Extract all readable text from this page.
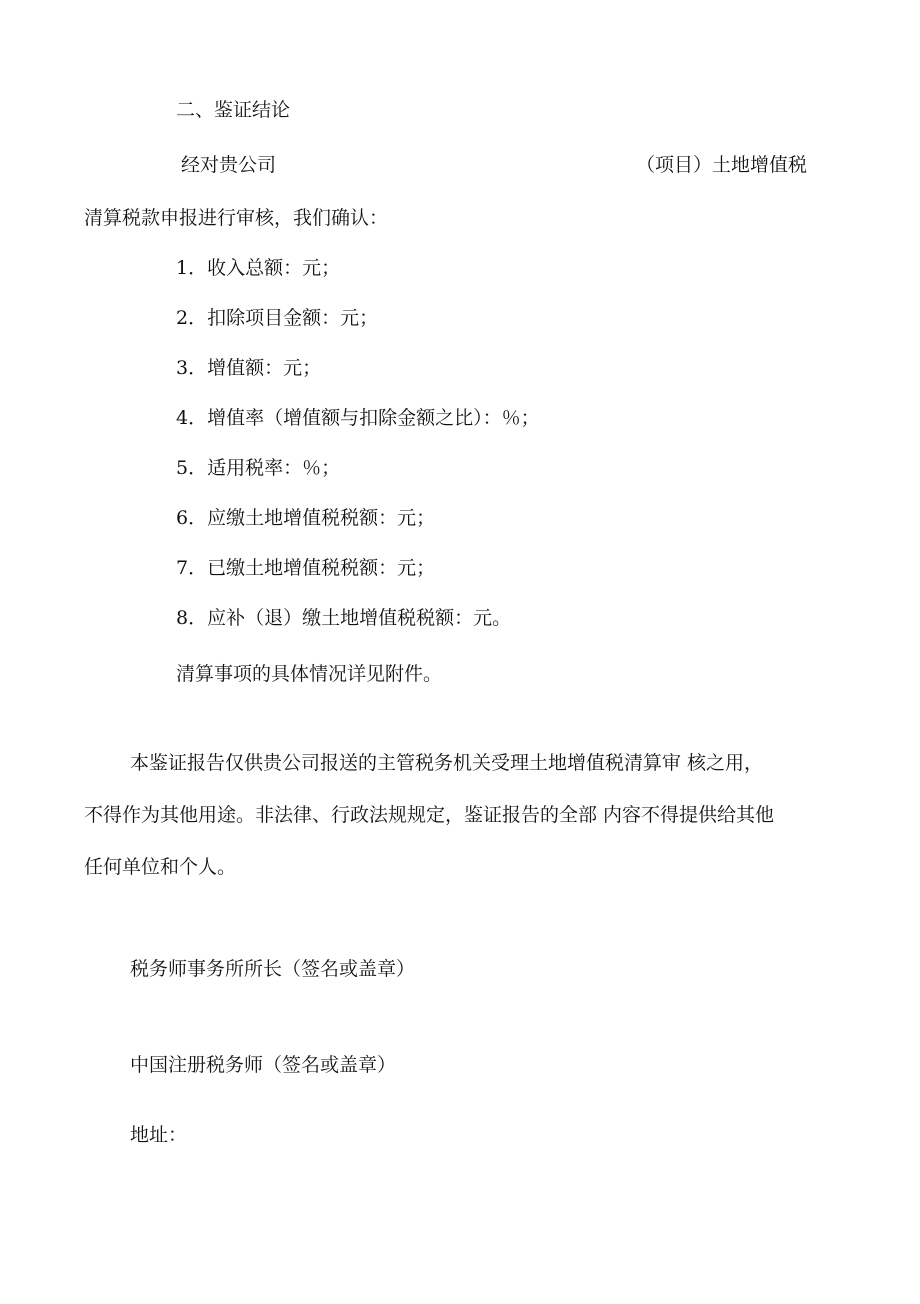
二、鉴证结论

经对贵公司	（项目）土地增值税

清算税款申报进行审核，我们确认：

1．收入总额：元；

2．扣除项目金额：元；

3．增值额：元；

4．增值率（增值额与扣除金额之比）：％；

5．适用税率：％；

6．应缴土地增值税税额：元；

7．已缴土地增值税税额：元；

8．应补（退）缴土地增值税税额：元。

清算事项的具体情况详见附件。

本鉴证报告仅供贵公司报送的主管税务机关受理土地增值税清算审 核之用，

不得作为其他用途。非法律、行政法规规定，鉴证报告的全部 内容不得提供给其他

任何单位和个人。

税务师事务所所长（签名或盖章）

中国注册税务师（签名或盖章）

地址：
